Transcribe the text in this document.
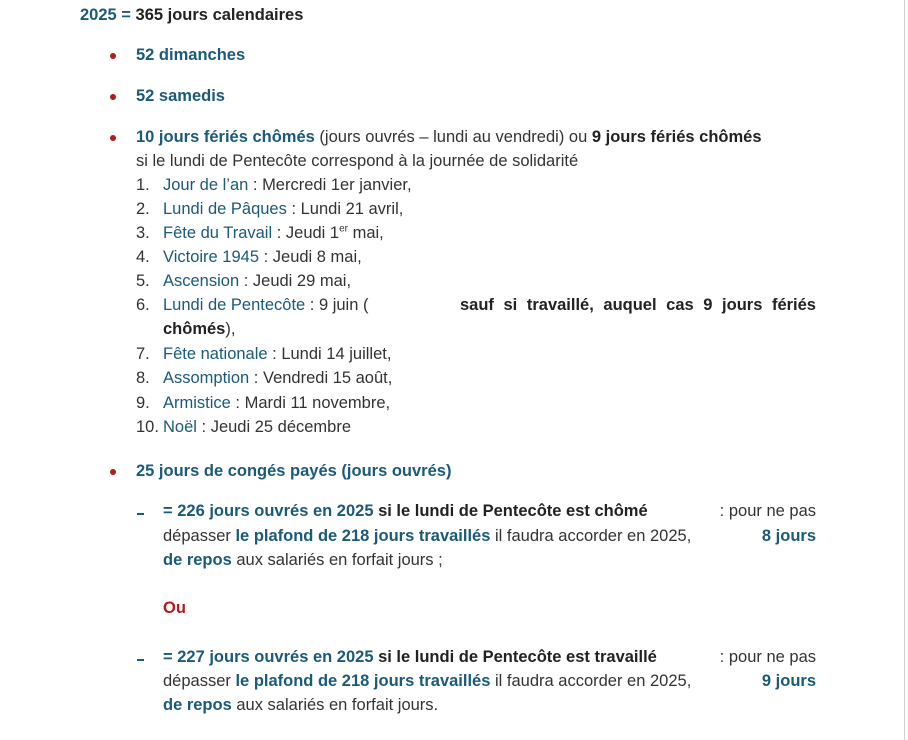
2025 = 365 jours calendaires
52 dimanches
52 samedis
10 jours fériés chômés (jours ouvrés – lundi au vendredi) ou 9 jours fériés chômés
si le lundi de Pentecôte correspond à la journée de solidarité
1. Jour de l’an : Mercredi 1er janvier,
2. Lundi de Pâques : Lundi 21 avril,
3. Fête du Travail : Jeudi 1er mai,
4. Victoire 1945 : Jeudi 8 mai,
5. Ascension : Jeudi 29 mai,
6. Lundi de Pentecôte : 9 juin (	sauf si travaillé, auquel cas 9 jours fériés
chômés),
7. Fête nationale : Lundi 14 juillet,
8. Assomption : Vendredi 15 août,
9. Armistice : Mardi 11 novembre,
10. Noël : Jeudi 25 décembre
25 jours de congés payés (jours ouvrés)
= 226 jours ouvrés en 2025 si le lundi de Pentecôte est chômé	: pour ne pas
dépasser le plafond de 218 jours travaillés il faudra accorder en 2025,	8 jours
de repos aux salariés en forfait jours ;
Ou
= 227 jours ouvrés en 2025 si le lundi de Pentecôte est travaillé	: pour ne pas
dépasser le plafond de 218 jours travaillés il faudra accorder en 2025,	9 jours
de repos aux salariés en forfait jours.
